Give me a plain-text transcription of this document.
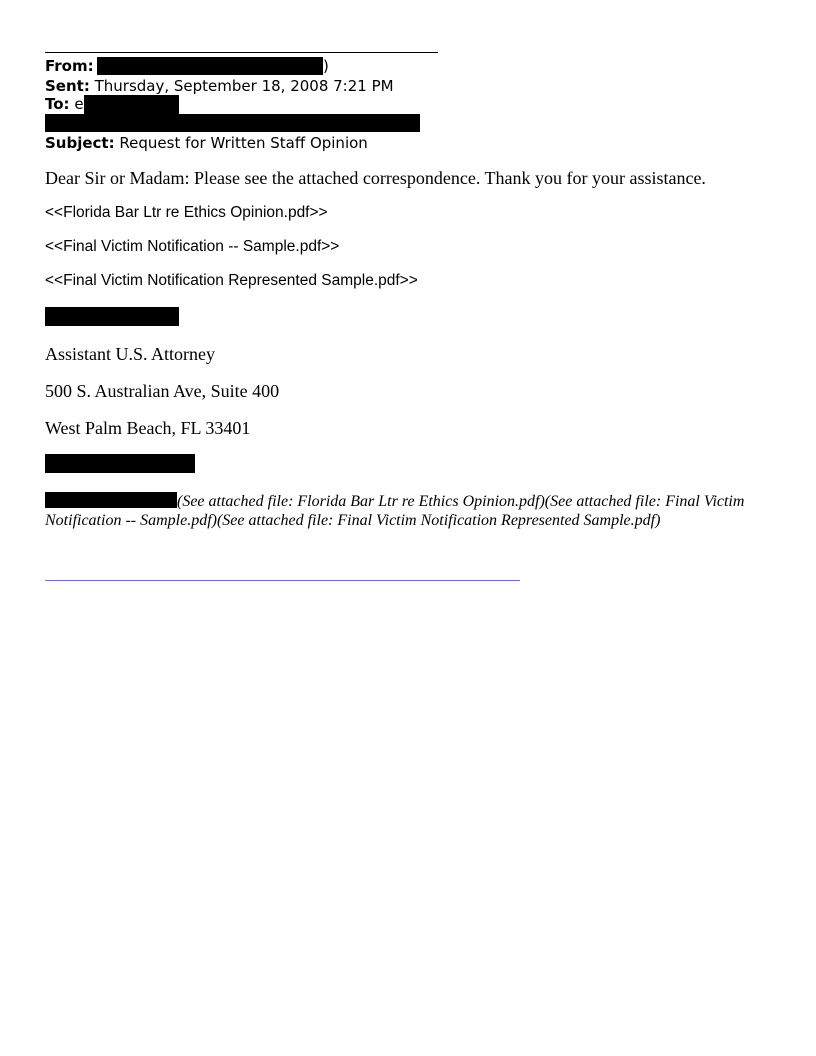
From:	)
Sent: Thursday, September 18, 2008 7:21 PM
To: e
Subject: Request for Written Staff Opinion
Dear Sir or Madam: Please see the attached correspondence. Thank you for your assistance.
<<Florida Bar Ltr re Ethics Opinion.pdf>>
<<Final Victim Notification -- Sample.pdf>>
<<Final Victim Notification Represented Sample.pdf>>
Assistant U.S. Attorney
500 S. Australian Ave, Suite 400
West Palm Beach, FL 33401
(See attached file: Florida Bar Ltr re Ethics Opinion.pdf)(See attached file: Final Victim Notification -- Sample.pdf)(See attached file: Final Victim Notification Represented Sample.pdf)
